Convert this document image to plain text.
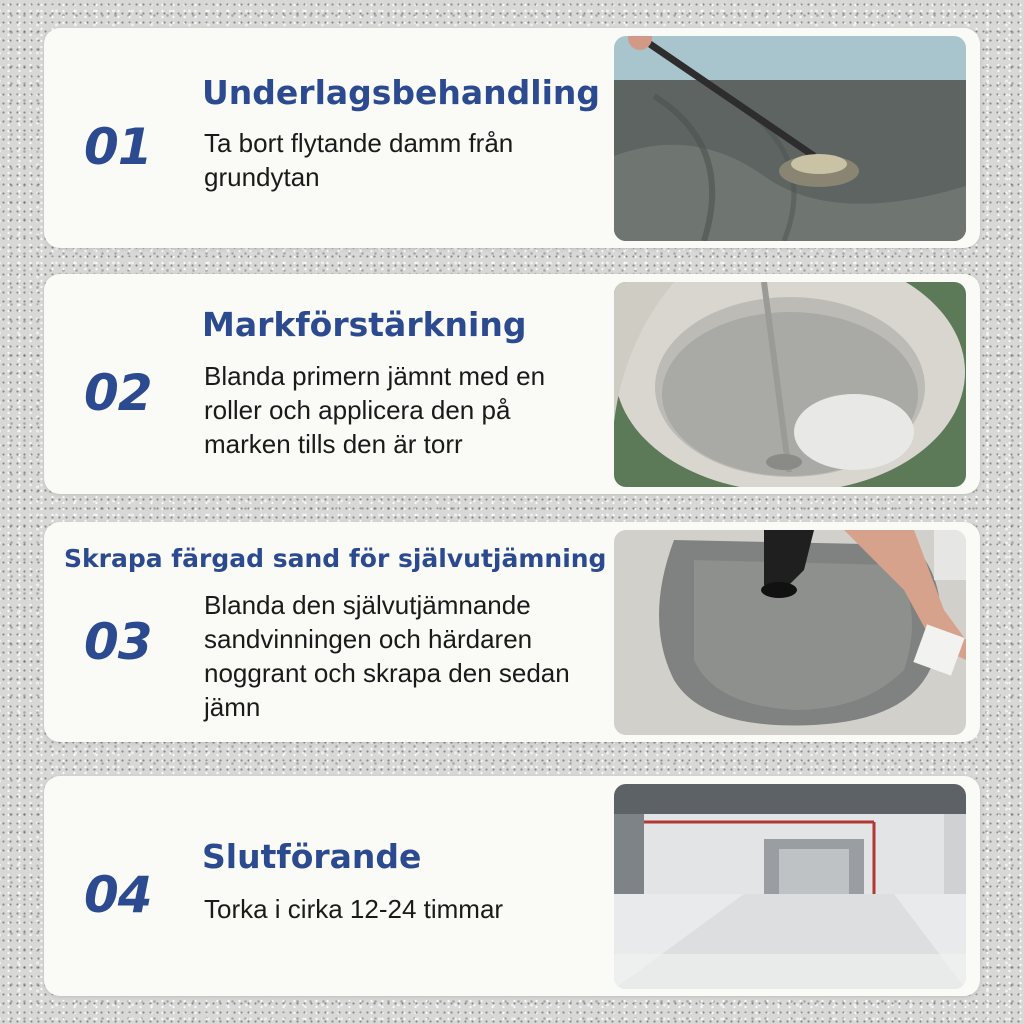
Underlagsbehandling
01	Ta bort flytande damm från grundytan
Markförstärkning
02	Blanda primern jämnt med en roller och applicera den på marken tills den är torr
Skrapa färgad sand för självutjämning
03
Blanda den självutjämnande sandvinningen och härdaren noggrant och skrapa den sedan jämn
Slutförande
04	Torka i cirka 12-24 timmar
